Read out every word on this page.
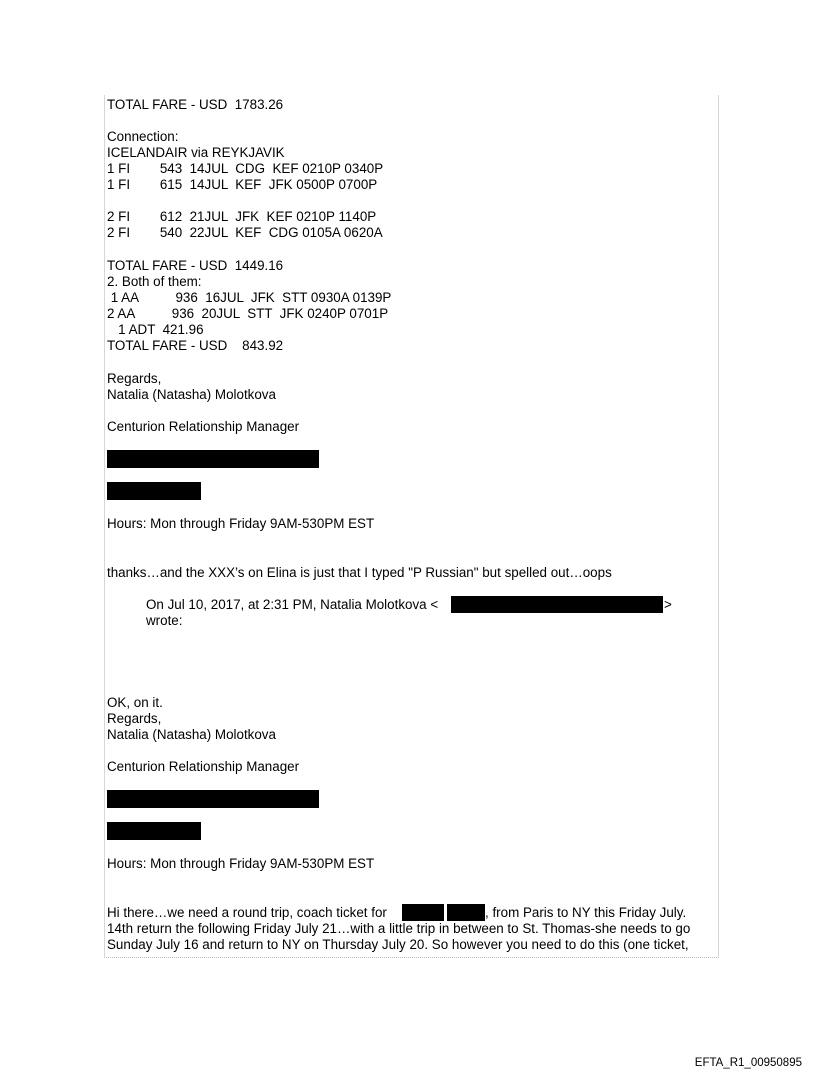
TOTAL FARE - USD  1783.26
Connection:
ICELANDAIR via REYKJAVIK
1 FI        543  14JUL  CDG  KEF 0210P 0340P
1 FI        615  14JUL  KEF  JFK 0500P 0700P
2 FI        612  21JUL  JFK  KEF 0210P 1140P
2 FI        540  22JUL  KEF  CDG 0105A 0620A
TOTAL FARE - USD  1449.16
2. Both of them:
1 AA          936  16JUL  JFK  STT 0930A 0139P
2 AA          936  20JUL  STT  JFK 0240P 0701P
1 ADT  421.96
TOTAL FARE - USD    843.92
Regards,
Natalia (Natasha) Molotkova
Centurion Relationship Manager
Hours: Mon through Friday 9AM-530PM EST
thanks…and the XXX’s on Elina is just that I typed "P Russian" but spelled out…oops
On Jul 10, 2017, at 2:31 PM, Natalia Molotkova <	>
wrote:
OK, on it.
Regards,
Natalia (Natasha) Molotkova
Centurion Relationship Manager
Hours: Mon through Friday 9AM-530PM EST
Hi there…we need a round trip, coach ticket for	, from Paris to NY this Friday July.
14th return the following Friday July 21…with a little trip in between to St. Thomas-she needs to go
Sunday July 16 and return to NY on Thursday July 20. So however you need to do this (one ticket,
EFTA_R1_00950895
